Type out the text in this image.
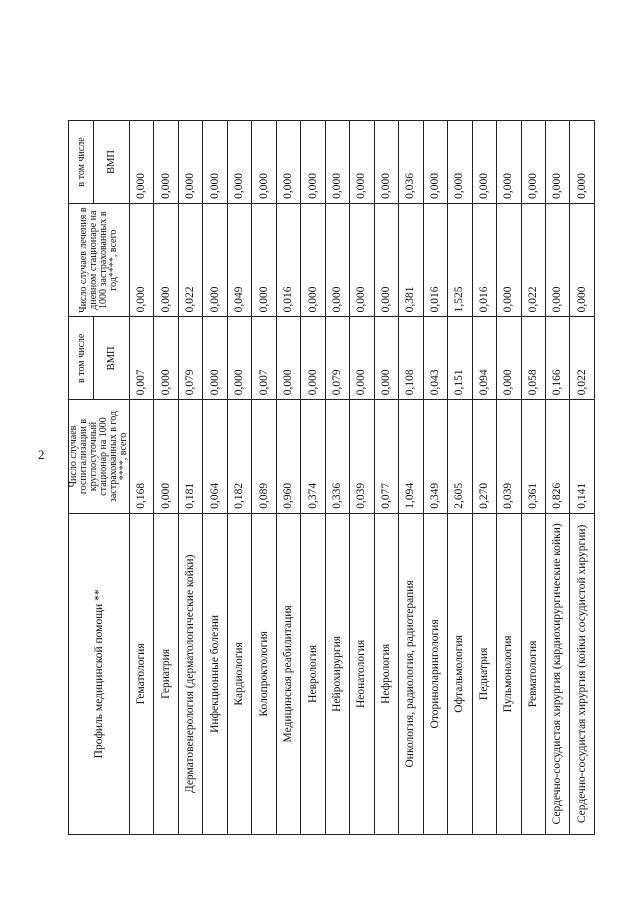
2
Профиль медицинской помощи **	Число случаев госпитализации в круглосуточный стационар на 1000 застрахованных в год ****, всего	в том числе	Число случаев лечения в дневном стационаре на 1000 застрахованных в год****, всего	в том числе
		ВМП		ВМП
Гематология	0,168	0,007	0,000	0,000
Гериатрия	0,000	0,000	0,000	0,000
Дерматовенерология (дерматологические койки)	0,181	0,079	0,022	0,000
Инфекционные болезни	0,064	0,000	0,000	0,000
Кардиология	0,182	0,000	0,049	0,000
Колопроктология	0,089	0,007	0,000	0,000
Медицинская реабилитация	0,960	0,000	0,016	0,000
Неврология	0,374	0,000	0,000	0,000
Нейрохирургия	0,336	0,079	0,000	0,000
Неонатология	0,039	0,000	0,000	0,000
Нефрология	0,077	0,000	0,000	0,000
Онкология, радиология, радиотерапия	1,094	0,108	0,381	0,036
Оториноларингология	0,349	0,043	0,016	0,000
Офтальмология	2,605	0,151	1,525	0,000
Педиатрия	0,270	0,094	0,016	0,000
Пульмонология	0,039	0,000	0,000	0,000
Ревматология	0,361	0,058	0,022	0,000
Сердечно-сосудистая хирургия (кардиохирургические койки)	0,826	0,166	0,000	0,000
Сердечно-сосудистая хирургия (койки сосудистой хирургии)	0,141	0,022	0,000	0,000
